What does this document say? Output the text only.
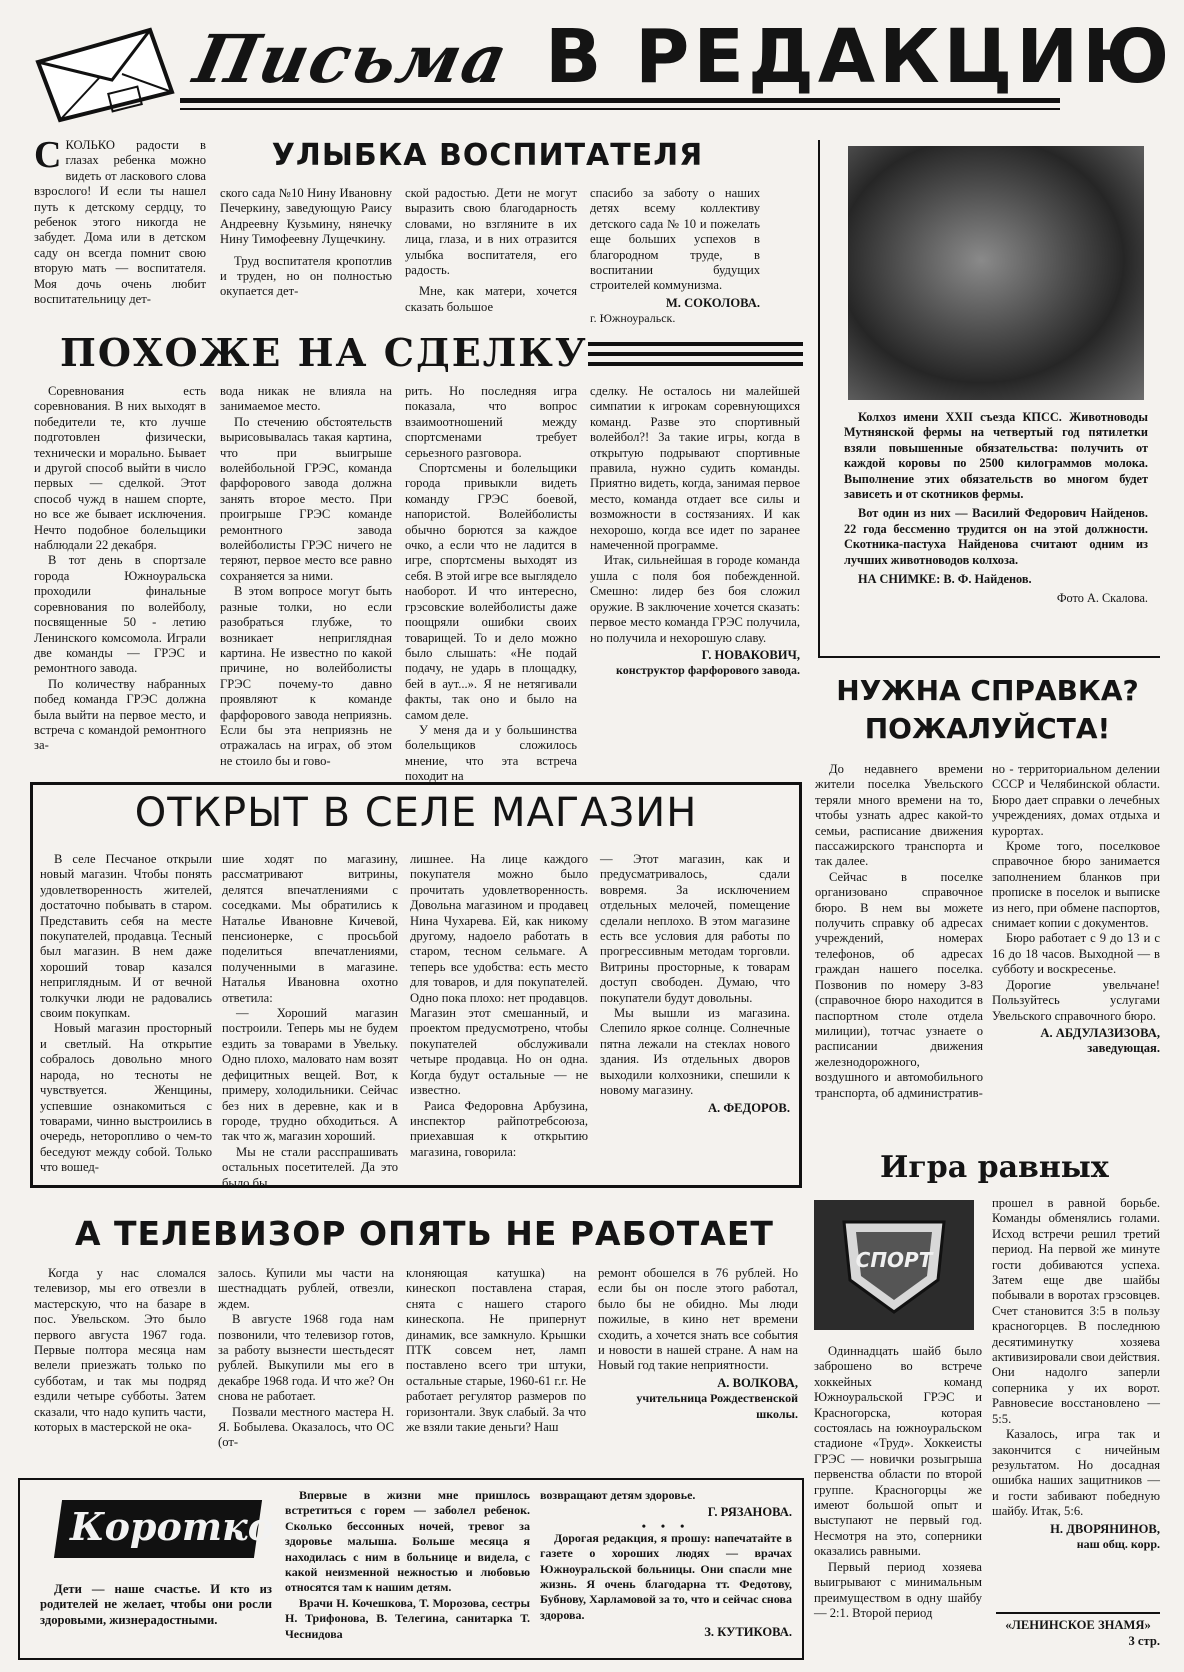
Письма В РЕДАКЦИЮ
УЛЫБКА ВОСПИТАТЕЛЯ
СКОЛЬКО радости в глазах ребенка можно видеть от ласкового слова взрослого! И если ты нашел путь к детскому сердцу, то ребенок этого никогда не забудет. Дома или в детском саду он всегда помнит свою вторую мать — воспитателя. Моя дочь очень любит воспитательницу дет-

ского сада №10 Нину Ивановну Печеркину, заведующую Раису Андреевну Кузьмину, нянечку Нину Тимофеевну Лущечкину.

Труд воспитателя кропотлив и труден, но он полностью окупается дет-

ской радостью. Дети не могут выразить свою благодарность словами, но взгляните в их лица, глаза, и в них отразится улыбка воспитателя, его радость.

Мне, как матери, хочется сказать большое

спасибо за заботу о наших детях всему коллективу детского сада № 10 и пожелать еще больших успехов в благородном труде, в воспитании будущих строителей коммунизма.

М. СОКОЛОВА.
г. Южноуральск.
ПОХОЖЕ НА СДЕЛКУ

Соревнования есть соревнования. В них выходят в победители те, кто лучше подготовлен физически, технически и морально. Бывает и другой способ выйти в число первых — сделкой. Этот способ чужд в нашем спорте, но все же бывает исключения. Нечто подобное болельщики наблюдали 22 декабря.

В тот день в спортзале города Южноуральска проходили финальные соревнования по волейболу, посвященные 50 - летию Ленинского комсомола. Играли две команды — ГРЭС и ремонтного завода.

По количеству набранных побед команда ГРЭС должна была выйти на первое место, и встреча с командой ремонтного за-

вода никак не влияла на занимаемое место.

По стечению обстоятельств вырисовывалась такая картина, что при выигрыше волейбольной ГРЭС, команда фарфорового завода должна занять второе место. При проигрыше ГРЭС команде ремонтного завода волейболисты ГРЭС ничего не теряют, первое место все равно сохраняется за ними.

В этом вопросе могут быть разные толки, но если разобраться глубже, то возникает неприглядная картина. Не известно по какой причине, но волейболисты ГРЭС почему-то давно проявляют к команде фарфорового завода неприязнь. Если бы эта неприязнь не отражалась на играх, об этом не стоило бы и гово-

рить. Но последняя игра показала, что вопрос взаимоотношений между спортсменами требует серьезного разговора.

Спортсмены и болельщики города привыкли видеть команду ГРЭС боевой, напористой. Волейболисты обычно борются за каждое очко, а если что не ладится в игре, спортсмены выходят из себя. В этой игре все выглядело наоборот. И что интересно, грэсовские волейболисты даже поощряли ошибки своих товарищей. То и дело можно было слышать: «Не подай подачу, не ударь в площадку, бей в аут...». Я не нетягивали факты, так оно и было на самом деле.

У меня да и у большинства болельщиков сложилось мнение, что эта встреча походит на

сделку. Не осталось ни малейшей симпатии к игрокам соревнующихся команд. Разве это спортивный волейбол?! За такие игры, когда в открытую подрывают спортивные правила, нужно судить команды. Приятно видеть, когда, занимая первое место, команда отдает все силы и возможности в состязаниях. И как нехорошо, когда все идет по заранее намеченной программе.

Итак, сильнейшая в городе команда ушла с поля боя побежденной. Смешно: лидер без боя сложил оружие. В заключение хочется сказать: первое место команда ГРЭС получила, но получила и нехорошую славу.

Г. НОВАКОВИЧ,
конструктор фарфорового завода.

Колхоз имени XXII съезда КПСС. Животноводы Мутнянской фермы на четвертый год пятилетки взяли повышенные обязательства: получить от каждой коровы по 2500 килограммов молока. Выполнение этих обязательств во многом будет зависеть и от скотников фермы.

Вот один из них — Василий Федорович Найденов. 22 года бессменно трудится он на этой должности. Скотника-пастуха Найденова считают одним из лучших животноводов колхоза.

НА СНИМКЕ: В. Ф. Найденов.

Фото А. Скалова.
НУЖНА СПРАВКА?
ПОЖАЛУЙСТА!

До недавнего времени жители поселка Увельского теряли много времени на то, чтобы узнать адрес какой-то семьи, расписание движения пассажирского транспорта и так далее.

Сейчас в поселке организовано справочное бюро. В нем вы можете получить справку об адресах учреждений, номерах телефонов, об адресах граждан нашего поселка. Позвонив по номеру 3-83 (справочное бюро находится в паспортном столе отдела милиции), тотчас узнаете о расписании движения железнодорожного, воздушного и автомобильного транспорта, об административ-

но - территориальном делении СССР и Челябинской области. Бюро дает справки о лечебных учреждениях, домах отдыха и курортах.

Кроме того, поселковое справочное бюро занимается заполнением бланков при прописке в поселок и выписке из него, при обмене паспортов, снимает копии с документов.

Бюро работает с 9 до 13 и с 16 до 18 часов. Выходной — в субботу и воскресенье.

Дорогие увельчане! Пользуйтесь услугами Увельского справочного бюро.

А. АБДУЛАЗИЗОВА, заведующая.
ОТКРЫТ В СЕЛЕ МАГАЗИН

В селе Песчаное открыли новый магазин. Чтобы понять удовлетворенность жителей, достаточно побывать в старом. Представить себя на месте покупателей, продавца. Тесный был магазин. В нем даже хороший товар казался неприглядным. И от вечной толкучки люди не радовались своим покупкам.

Новый магазин просторный и светлый. На открытие собралось довольно много народа, но тесноты не чувствуется. Женщины, успевшие ознакомиться с товарами, чинно выстроились в очередь, неторопливо о чем-то беседуют между собой. Только что вошед-

шие ходят по магазину, рассматривают витрины, делятся впечатлениями с соседками. Мы обратились к Наталье Ивановне Кичевой, пенсионерке, с просьбой поделиться впечатлениями, полученными в магазине. Наталья Ивановна охотно ответила:

— Хороший магазин построили. Теперь мы не будем ездить за товарами в Увельку. Одно плохо, маловато нам возят дефицитных вещей. Вот, к примеру, холодильники. Сейчас без них в деревне, как и в городе, трудно обходиться. А так что ж, магазин хороший.

Мы не стали расспрашивать остальных посетителей. Да это было бы

лишнее. На лице каждого покупателя можно было прочитать удовлетворенность. Довольна магазином и продавец Нина Чухарева. Ей, как никому другому, надоело работать в старом, тесном сельмаге. А теперь все удобства: есть место для товаров, и для покупателей. Одно пока плохо: нет продавцов. Магазин этот смешанный, и проектом предусмотрено, чтобы покупателей обслуживали четыре продавца. Но он одна. Когда будут остальные — не известно.

Раиса Федоровна Арбузина, инспектор райпотребсоюза, приехавшая к открытию магазина, говорила:

— Этот магазин, как и предусматривалось, сдали вовремя. За исключением отдельных мелочей, помещение сделали неплохо. В этом магазине есть все условия для работы по прогрессивным методам торговли. Витрины просторные, к товарам доступ свободен. Думаю, что покупатели будут довольны.

Мы вышли из магазина. Слепило яркое солнце. Солнечные пятна лежали на стеклах нового здания. Из отдельных дворов выходили колхозники, спешили к новому магазину.

А. ФЕДОРОВ.
Игра равных
СПОРТ

прошел в равной борьбе. Команды обменялись голами. Исход встречи решил третий период. На первой же минуте гости добиваются успеха. Затем еще две шайбы побывали в воротах грэсовцев. Счет становится 3:5 в пользу красногорцев. В последнюю десятиминутку хозяева активизировали свои действия. Они надолго заперли соперника у их ворот. Равновесие восстановлено — 5:5.

Казалось, игра так и закончится с ничейным результатом. Но досадная ошибка наших защитников — и гости забивают победную шайбу. Итак, 5:6.

Н. ДВОРЯНИНОВ,
наш общ. корр.

Одиннадцать шайб было заброшено во встрече хоккейных команд Южноуральской ГРЭС и Красногорска, которая состоялась на южноуральском стадионе «Труд». Хоккеисты ГРЭС — новички розыгрыша первенства области по второй группе. Красногорцы же имеют большой опыт и выступают не первый год. Несмотря на это, соперники оказались равными.

Первый период хозяева выигрывают с минимальным преимуществом в одну шайбу — 2:1. Второй период

А ТЕЛЕВИЗОР ОПЯТЬ НЕ РАБОТАЕТ

Когда у нас сломался телевизор, мы его отвезли в мастерскую, что на базаре в пос. Увельском. Это было первого августа 1967 года. Первые полтора месяца нам велели приезжать только по субботам, и так мы подряд ездили четыре субботы. Затем сказали, что надо купить части, которых в мастерской не ока-

залось. Купили мы части на шестнадцать рублей, отвезли, ждем.

В августе 1968 года нам позвонили, что телевизор готов, за работу вызнести шестьдесят рублей. Выкупили мы его в декабре 1968 года. И что же? Он снова не работает.

Позвали местного мастера Н. Я. Бобылева. Оказалось, что ОС (от-

клоняющая катушка) на кинескоп поставлена старая, снята с нашего старого кинескопа. Не припернут динамик, все замкнуло. Крышки ПТК совсем нет, ламп поставлено всего три штуки, остальные старые, 1960-61 г.г. Не работает регулятор размеров по горизонтали. Звук слабый. За что же взяли такие деньги? Наш

ремонт обошелся в 76 рублей. Но если бы он после этого работал, было бы не обидно. Мы люди пожилые, в кино нет времени сходить, а хочется знать все события и новости в нашей стране. А нам на Новый год такие неприятности.

А. ВОЛКОВА,
учительница Рождественской школы.
Коротко

Дети — наше счастье. И кто из родителей не желает, чтобы они росли здоровыми, жизнерадостными.

Впервые в жизни мне пришлось встретиться с горем — заболел ребенок. Сколько бессонных ночей, тревог за здоровье малыша. Больше месяца я находилась с ним в больнице и видела, с какой неизменной нежностью и любовью относятся там к нашим детям.

Врачи Н. Кочешкова, Т. Морозова, сестры Н. Трифонова, В. Телегина, санитарка Т. Чеснидова

возвращают детям здоровье.

Г. РЯЗАНОВА.
• • •

Дорогая редакция, я прошу: напечатайте в газете о хороших людях — врачах Южноуральской больницы. Они спасли мне жизнь. Я очень благодарна тт. Федотову, Бубнову, Харламовой за то, что и сейчас снова здорова.

З. КУТИКОВА.
«ЛЕНИНСКОЕ ЗНАМЯ»
3 стр.
